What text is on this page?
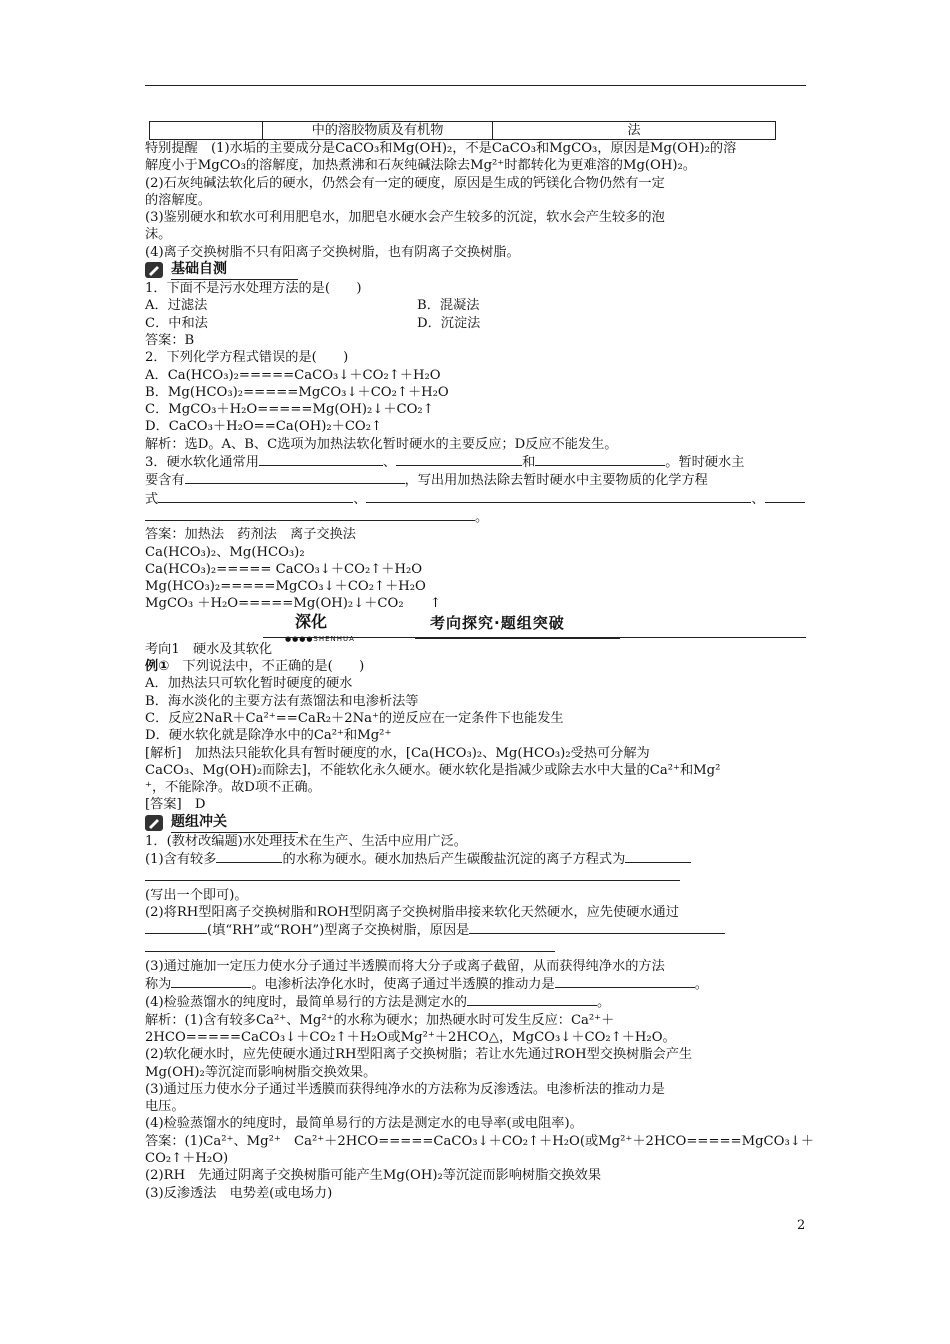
	中的溶胶物质及有机物	法

特别提醒　 (1)水垢的主要成分是CaCO₃和Mg(OH)₂，不是CaCO₃和MgCO₃，原因是Mg(OH)₂的溶

解度小于MgCO₃的溶解度，加热煮沸和石灰纯碱法除去Mg²⁺时都转化为更难溶的Mg(OH)₂。

(2)石灰纯碱法软化后的硬水，仍然会有一定的硬度，原因是生成的钙镁化合物仍然有一定

的溶解度。

(3)鉴别硬水和软水可利用肥皂水，加肥皂水硬水会产生较多的沉淀，软水会产生较多的泡

沫。

(4)离子交换树脂不只有阳离子交换树脂，也有阴离子交换树脂。

基础自测

1．下面不是污水处理方法的是(　　)

A．过滤法	B．混凝法

C．中和法	D．沉淀法

答案：B

2．下列化学方程式错误的是(　　)

A．Ca(HCO₃)₂=====CaCO₃↓＋CO₂↑＋H₂O

B．Mg(HCO₃)₂=====MgCO₃↓＋CO₂↑＋H₂O

C．MgCO₃＋H₂O=====Mg(OH)₂↓＋CO₂↑

D．CaCO₃＋H₂O==Ca(OH)₂＋CO₂↑

解析：选D。A、B、C选项为加热法软化暂时硬水的主要反应；D反应不能发生。

3．硬水软化通常用	、	和	。暂时硬水主

要含有	，写出用加热法除去暂时硬水中主要物质的化学方程

式	、	、

。

答案：加热法　药剂法　离子交换法

Ca(HCO₃)₂、Mg(HCO₃)₂

Ca(HCO₃)₂===== CaCO₃↓＋CO₂↑＋H₂O

Mg(HCO₃)₂=====MgCO₃↓＋CO₂↑＋H₂O

MgCO₃ ＋H₂O=====Mg(OH)₂↓＋CO₂　　↑

深化
●●●●SHENHUA
考向探究·题组突破

考向1　硬水及其软化

例①　下列说法中，不正确的是(　　)

A．加热法只可软化暂时硬度的硬水

B．海水淡化的主要方法有蒸馏法和电渗析法等

C．反应2NaR＋Ca²⁺==CaR₂＋2Na⁺的逆反应在一定条件下也能发生

D．硬水软化就是除净水中的Ca²⁺和Mg²⁺

[解析]　加热法只能软化具有暂时硬度的水，[Ca(HCO₃)₂、Mg(HCO₃)₂受热可分解为

CaCO₃、Mg(OH)₂而除去]，不能软化永久硬水。硬水软化是指减少或除去水中大量的Ca²⁺和Mg²

⁺，不能除净。故D项不正确。

[答案]　D

题组冲关

1．(教材改编题)水处理技术在生产、生活中应用广泛。

(1)含有较多	的水称为硬水。硬水加热后产生碳酸盐沉淀的离子方程式为

(写出一个即可)。

(2)将RH型阳离子交换树脂和ROH型阴离子交换树脂串接来软化天然硬水，应先使硬水通过

(填“RH”或“ROH”)型离子交换树脂，原因是

(3)通过施加一定压力使水分子通过半透膜而将大分子或离子截留，从而获得纯净水的方法

称为	。电渗析法净化水时，使离子通过半透膜的推动力是	。

(4)检验蒸馏水的纯度时，最简单易行的方法是测定水的	。

解析：(1)含有较多Ca²⁺、Mg²⁺的水称为硬水；加热硬水时可发生反应：Ca²⁺＋

2HCO=====CaCO₃↓＋CO₂↑＋H₂O或Mg²⁺＋2HCO△，MgCO₃↓＋CO₂↑＋H₂O。

(2)软化硬水时，应先使硬水通过RH型阳离子交换树脂；若让水先通过ROH型交换树脂会产生

Mg(OH)₂等沉淀而影响树脂交换效果。

(3)通过压力使水分子通过半透膜而获得纯净水的方法称为反渗透法。电渗析法的推动力是

电压。

(4)检验蒸馏水的纯度时，最简单易行的方法是测定水的电导率(或电阻率)。

答案：(1)Ca²⁺、Mg²⁺　Ca²⁺＋2HCO=====CaCO₃↓＋CO₂↑＋H₂O(或Mg²⁺＋2HCO=====MgCO₃↓＋

CO₂↑＋H₂O)

(2)RH　先通过阴离子交换树脂可能产生Mg(OH)₂等沉淀而影响树脂交换效果

(3)反渗透法　电势差(或电场力)

2
